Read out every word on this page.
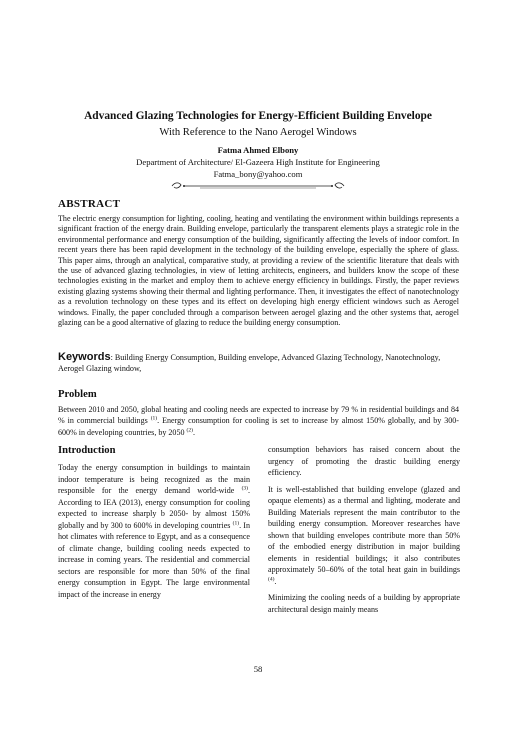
Advanced Glazing Technologies for Energy-Efficient Building Envelope
With Reference to the Nano Aerogel Windows
Fatma Ahmed Elbony
Department of Architecture/ El-Gazeera High Institute for Engineering
Fatma_bony@yahoo.com
ABSTRACT

The electric energy consumption for lighting, cooling, heating and ventilating the environment within buildings represents a significant fraction of the energy drain. Building envelope, particularly the transparent elements plays a strategic role in the environmental performance and energy consumption of the building, significantly affecting the levels of indoor comfort. In recent years there has been rapid development in the technology of the building envelope, especially the sphere of glass. This paper aims, through an analytical, comparative study, at providing a review of the scientific literature that deals with the use of advanced glazing technologies, in view of letting architects, engineers, and builders know the scope of these technologies existing in the market and employ them to achieve energy efficiency in buildings. Firstly, the paper reviews existing glazing systems showing their thermal and lighting performance. Then, it investigates the effect of nanotechnology as a revolution technology on these types and its effect on developing high energy efficient windows such as Aerogel windows. Finally, the paper concluded through a comparison between aerogel glazing and the other systems that, aerogel glazing can be a good alternative of glazing to reduce the building energy consumption.

Keywords: Building Energy Consumption, Building envelope, Advanced Glazing Technology, Nanotechnology, Aerogel Glazing window,

Problem

Between 2010 and 2050, global heating and cooling needs are expected to increase by 79 % in residential buildings and 84 % in commercial buildings $^{(1)}$. Energy consumption for cooling is set to increase by almost 150% globally, and by 300-600% in developing countries, by 2050 $^{(2)}$.

Introduction

Today the energy consumption in buildings to maintain indoor temperature is being recognized as the main responsible for the energy demand world-wide $^{(3)}$. According to IEA (2013), energy consumption for cooling expected to increase sharply b 2050- by almost 150% globally and by 300 to 600% in developing countries $^{(1)}$. In hot climates with reference to Egypt, and as a consequence of climate change, building cooling needs expected to increase in coming years. The residential and commercial sectors are responsible for more than 50% of the final energy consumption in Egypt. The large environmental impact of the increase in energy

consumption behaviors has raised concern about the urgency of promoting the drastic building energy efficiency.

It is well-established that building envelope (glazed and opaque elements) as a thermal and lighting, moderate and Building Materials represent the main contributor to the building energy consumption. Moreover researches have shown that building envelopes contribute more than 50% of the embodied energy distribution in major building elements in residential buildings; it also contributes approximately 50–60% of the total heat gain in buildings $^{(4)}$.

Minimizing the cooling needs of a building by appropriate architectural design mainly means

58
